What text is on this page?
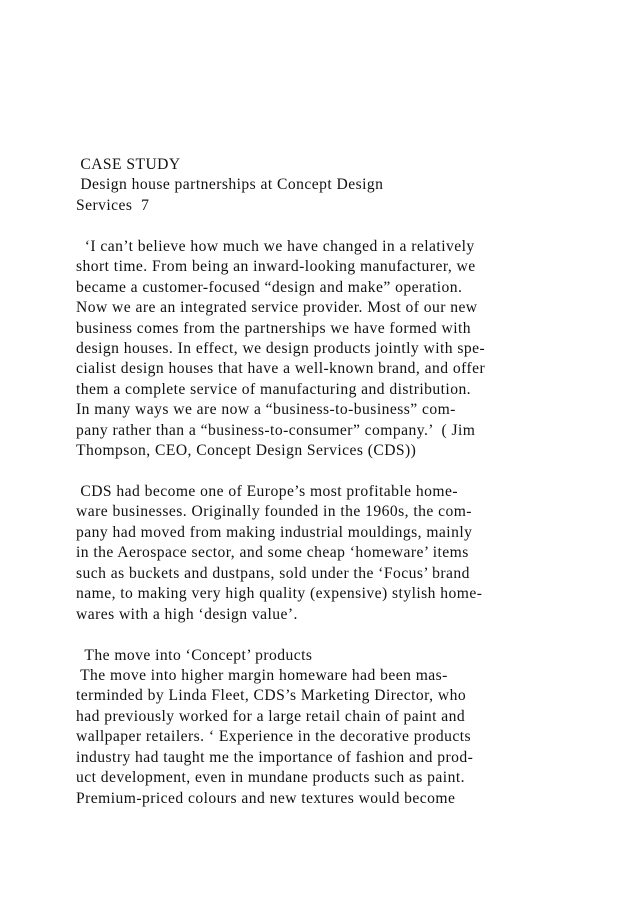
CASE STUDY
Design house partnerships at Concept Design
Services  7
‘I can’t believe how much we have changed in a relatively
short time. From being an inward-looking manufacturer, we
became a customer-focused “design and make” operation.
Now we are an integrated service provider. Most of our new
business comes from the partnerships we have formed with
design houses. In effect, we design products jointly with spe-
cialist design houses that have a well-known brand, and offer
them a complete service of manufacturing and distribution.
In many ways we are now a “business-to-business” com-
pany rather than a “business-to-consumer” company.’  ( Jim
Thompson, CEO, Concept Design Services (CDS))
CDS had become one of Europe’s most profitable home-
ware businesses. Originally founded in the 1960s, the com-
pany had moved from making industrial mouldings, mainly
in the Aerospace sector, and some cheap ‘homeware’ items
such as buckets and dustpans, sold under the ‘Focus’ brand
name, to making very high quality (expensive) stylish home-
wares with a high ‘design value’.
The move into ‘Concept’ products
The move into higher margin homeware had been mas-
terminded by Linda Fleet, CDS’s Marketing Director, who
had previously worked for a large retail chain of paint and
wallpaper retailers. ‘ Experience in the decorative products
industry had taught me the importance of fashion and prod-
uct development, even in mundane products such as paint.
Premium-priced colours and new textures would become
